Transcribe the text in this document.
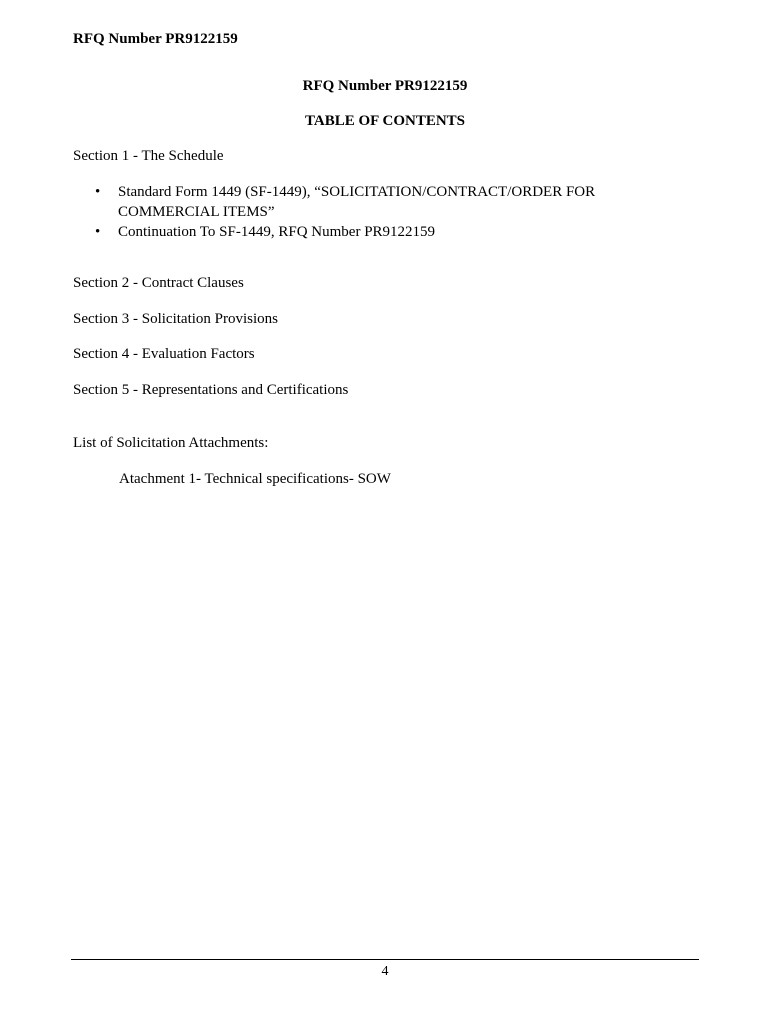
RFQ Number PR9122159
RFQ Number PR9122159
TABLE OF CONTENTS
Section 1 - The Schedule
• Standard Form 1449 (SF-1449), “SOLICITATION/CONTRACT/ORDER FOR COMMERCIAL ITEMS”
• Continuation To SF-1449, RFQ Number PR9122159
Section 2 - Contract Clauses
Section 3 - Solicitation Provisions
Section 4 - Evaluation Factors
Section 5 - Representations and Certifications
List of Solicitation Attachments:
Atachment 1- Technical specifications- SOW
4
